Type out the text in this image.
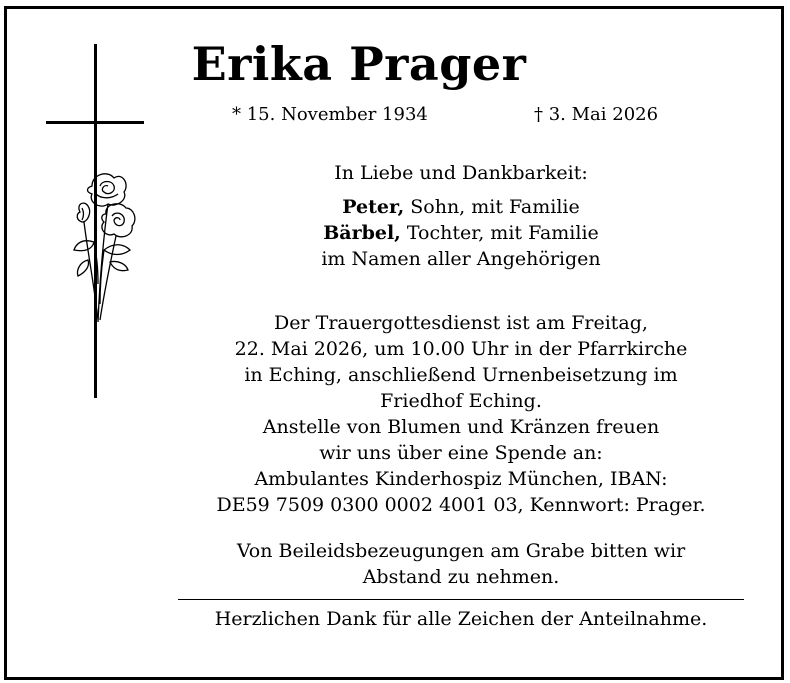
Erika Prager
* 15. November 1934	† 3. Mai 2026

In Liebe und Dankbarkeit:

Peter, Sohn, mit Familie

Bärbel, Tochter, mit Familie

im Namen aller Angehörigen

Der Trauergottesdienst ist am Freitag,

22. Mai 2026, um 10.00 Uhr in der Pfarrkirche

in Eching, anschließend Urnenbeisetzung im

Friedhof Eching.

Anstelle von Blumen und Kränzen freuen

wir uns über eine Spende an:

Ambulantes Kinderhospiz München, IBAN:

DE59 7509 0300 0002 4001 03, Kennwort: Prager.

Von Beileidsbezeugungen am Grabe bitten wir

Abstand zu nehmen.

Herzlichen Dank für alle Zeichen der Anteilnahme.
